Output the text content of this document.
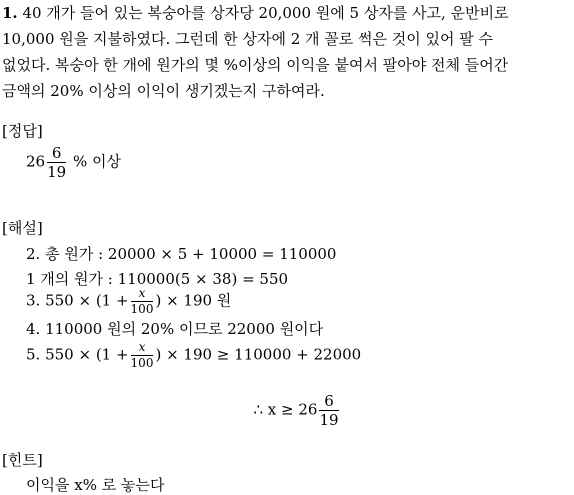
1. 40 개가 들어 있는 복숭아를 상자당 20,000 원에 5 상자를 사고, 운반비로
10,000 원을 지불하였다. 그런데 한 상자에 2 개 꼴로 썩은 것이 있어 팔 수
없었다. 복숭아 한 개에 원가의 몇 %이상의 이익을 붙여서 팔아야 전체 들어간
금액의 20% 이상의 이익이 생기겠는지 구하여라.
[정답]
$26 \frac{6}{19}$ % 이상
[해설]
2. 총 원가 : 20000 × 5 + 10000 = 110000
1 개의 원가 : 110000(5 × 38) = 550
3. $550 \times (1 + \frac{x}{100}$ ) × 190 원
4. 110000 원의 20% 이므로 22000 원이다
5. $550 \times (1 + \frac{x}{100}$ ) × 190 ≥ 110000 + 22000
∴ $x \ge 26 \frac{6}{19}$
[힌트]
이익을 x% 로 놓는다
